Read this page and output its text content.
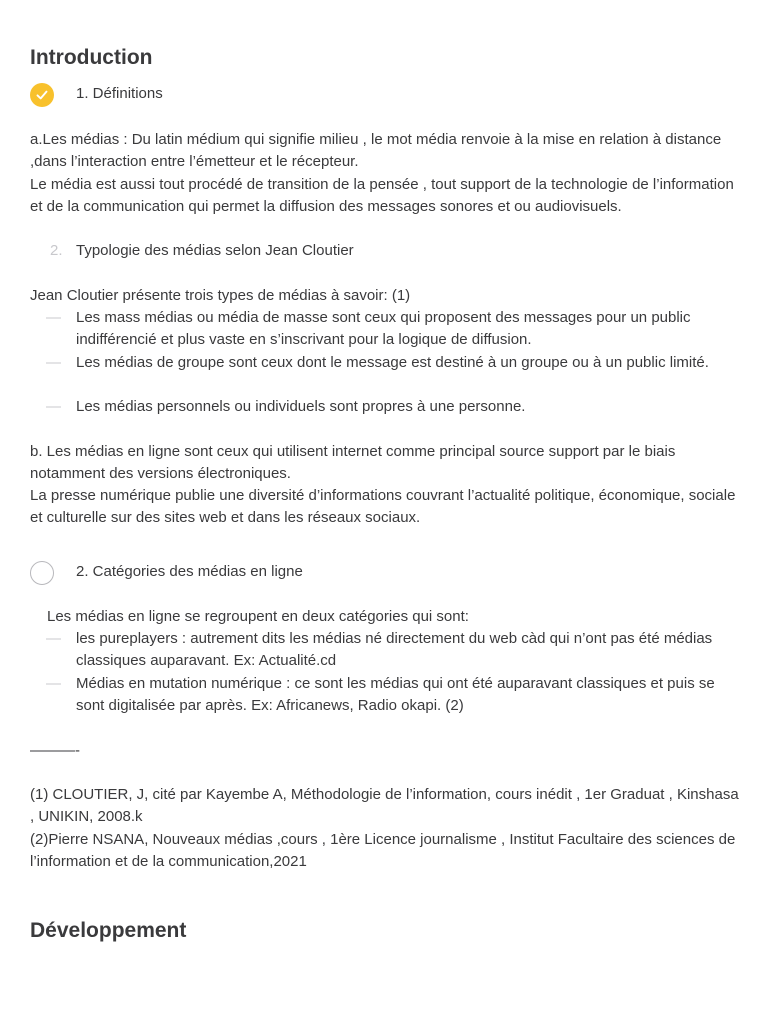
Introduction
1. Définitions

a.Les médias : Du latin médium qui signifie milieu , le mot média renvoie à la mise en relation à distance ,dans l’interaction entre l’émetteur et le récepteur.

Le média est aussi tout procédé de transition de la pensée , tout support de la technologie de l’information et de la communication qui permet la diffusion des messages sonores et ou audiovisuels.

2. Typologie des médias selon Jean Cloutier

Jean Cloutier présente trois types de médias à savoir: (1)

— Les mass médias ou média de masse sont ceux qui proposent des messages pour un public indifférencié et plus vaste en s’inscrivant pour la logique de diffusion.
— Les médias de groupe sont ceux dont le message est destiné à un groupe ou à un public limité.
— Les médias personnels ou individuels sont propres à une personne.

b. Les médias en ligne sont ceux qui utilisent internet comme principal source support par le biais notamment des versions électroniques.

La presse numérique publie une diversité d’informations couvrant l’actualité politique, économique, sociale et culturelle sur des sites web et dans les réseaux sociaux.

2. Catégories des médias en ligne

Les médias en ligne se regroupent en deux catégories qui sont:

— les pureplayers : autrement dits les médias né directement du web càd qui n’ont pas été médias classiques auparavant. Ex: Actualité.cd
— Médias en mutation numérique : ce sont les médias qui ont été auparavant classiques et puis se sont digitalisée par après. Ex: Africanews, Radio okapi. (2)

———-

(1) CLOUTIER, J, cité par Kayembe A, Méthodologie de l’information, cours inédit , 1er Graduat , Kinshasa , UNIKIN, 2008.k

(2)Pierre NSANA, Nouveaux médias ,cours , 1ère Licence journalisme , Institut Facultaire des sciences de l’information et de la communication,2021

Développement
